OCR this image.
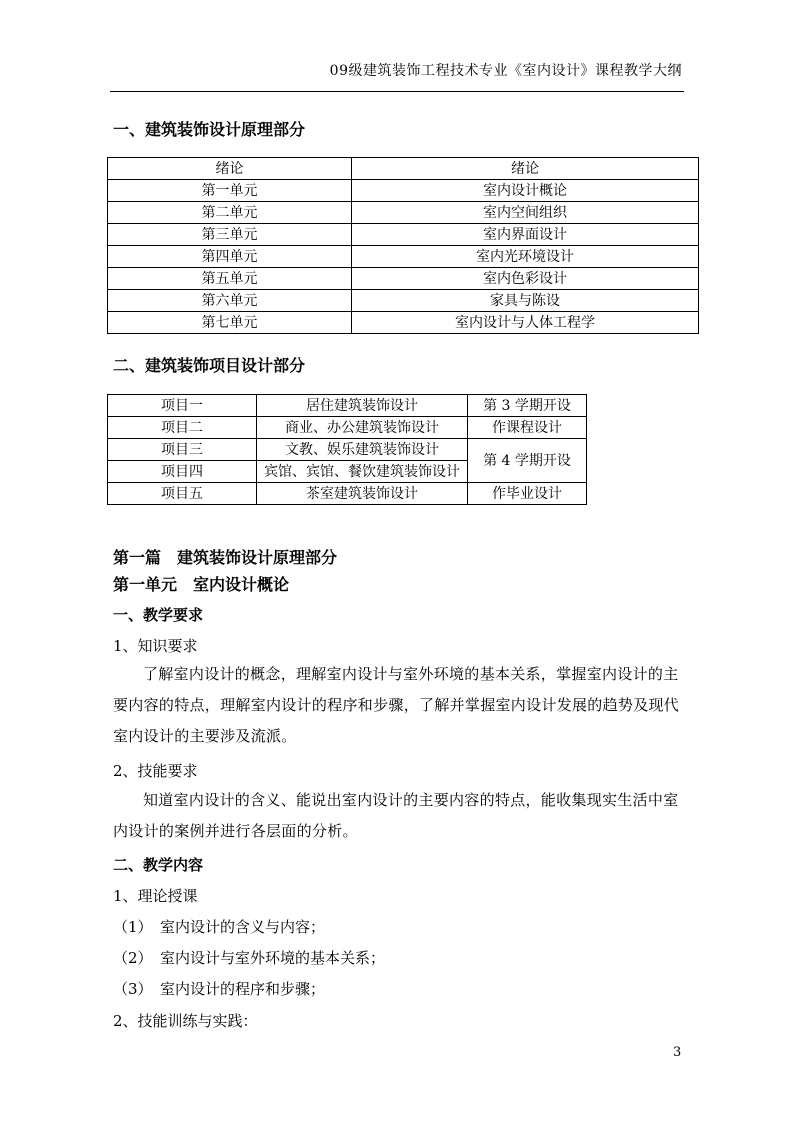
09级建筑装饰工程技术专业《室内设计》课程教学大纲
一、建筑装饰设计原理部分
绪论	绪论
第一单元	室内设计概论
第二单元	室内空间组织
第三单元	室内界面设计
第四单元	室内光环境设计
第五单元	室内色彩设计
第六单元	家具与陈设
第七单元	室内设计与人体工程学
二、建筑装饰项目设计部分
项目一	居住建筑装饰设计	第 3 学期开设
项目二	商业、办公建筑装饰设计	作课程设计
项目三	文教、娱乐建筑装饰设计	第 4 学期开设
项目四	宾馆、宾馆、餐饮建筑装饰设计	
项目五	茶室建筑装饰设计	作毕业设计
第一篇　建筑装饰设计原理部分
第一单元　室内设计概论
一、教学要求
1、知识要求
了解室内设计的概念，理解室内设计与室外环境的基本关系，掌握室内设计的主要内容的特点，理解室内设计的程序和步骤，了解并掌握室内设计发展的趋势及现代室内设计的主要涉及流派。
2、技能要求
知道室内设计的含义、能说出室内设计的主要内容的特点，能收集现实生活中室内设计的案例并进行各层面的分析。
二、教学内容
1、理论授课
（1）　室内设计的含义与内容；
（2）　室内设计与室外环境的基本关系；
（3）　室内设计的程序和步骤；
2、技能训练与实践：
3
